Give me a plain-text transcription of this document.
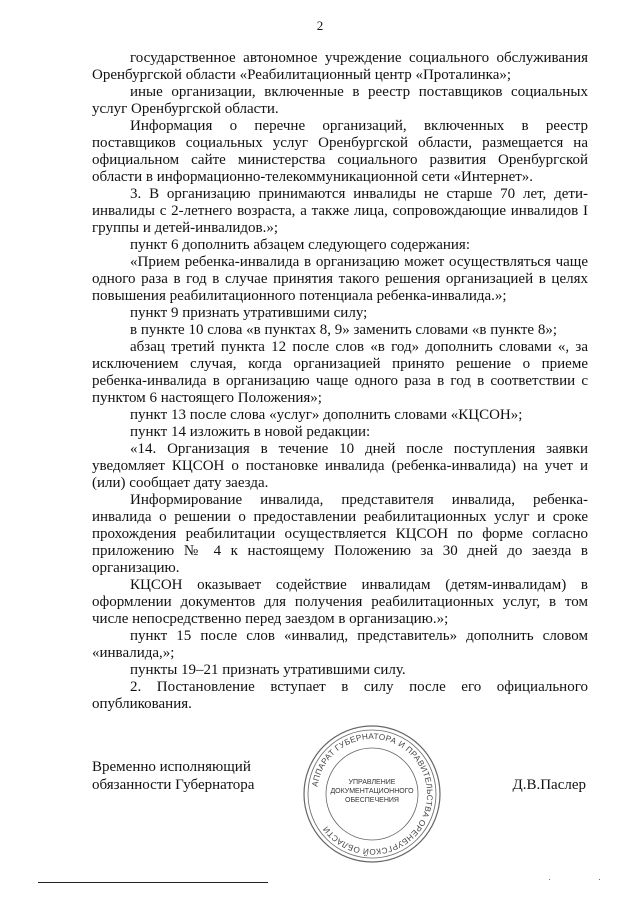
2

государственное автономное учреждение социального обслуживания Оренбургской области «Реабилитационный центр «Проталинка»;

иные организации, включенные в реестр поставщиков социальных услуг Оренбургской области.

Информация о перечне организаций, включенных в реестр поставщиков социальных услуг Оренбургской области, размещается на официальном сайте министерства социального развития Оренбургской области в информационно-телекоммуникационной сети «Интернет».

3. В организацию принимаются инвалиды не старше 70 лет, дети-инвалиды с 2-летнего возраста, а также лица, сопровождающие инвалидов I группы и детей-инвалидов.»;

пункт 6 дополнить абзацем следующего содержания:

«Прием ребенка-инвалида в организацию может осуществляться чаще одного раза в год в случае принятия такого решения организацией в целях повышения реабилитационного потенциала ребенка-инвалида.»;

пункт 9 признать утратившими силу;

в пункте 10 слова «в пунктах 8, 9» заменить словами «в пункте 8»;

абзац третий пункта 12 после слов «в год» дополнить словами «, за исключением случая, когда организацией принято решение о приеме ребенка-инвалида в организацию чаще одного раза в год в соответствии с пунктом 6 настоящего Положения»;

пункт 13 после слова «услуг» дополнить словами «КЦСОН»;

пункт 14 изложить в новой редакции:

«14. Организация в течение 10 дней после поступления заявки уведомляет КЦСОН о постановке инвалида (ребенка-инвалида) на учет и (или) сообщает дату заезда.

Информирование инвалида, представителя инвалида, ребенка-инвалида о решении о предоставлении реабилитационных услуг и сроке прохождения реабилитации осуществляется КЦСОН по форме согласно приложению № 4 к настоящему Положению за 30 дней до заезда в организацию.

КЦСОН оказывает содействие инвалидам (детям-инвалидам) в оформлении документов для получения реабилитационных услуг, в том числе непосредственно перед заездом в организацию.»;

пункт 15 после слов «инвалид, представитель» дополнить словом «инвалида,»;

пункты 19–21 признать утратившими силу.

2. Постановление вступает в силу после его официального опубликования.

Временно исполняющий
обязанности Губернатора	АППАРАТ ГУБЕРНАТОРА И ПРАВИТЕЛЬСТВА ОРЕНБУРГСКОЙ ОБЛАСТИ
УПРАВЛЕНИЕ
ДОКУМЕНТАЦИОННОГО
ОБЕСПЕЧЕНИЯ
Д.В.Паслер
·	·
